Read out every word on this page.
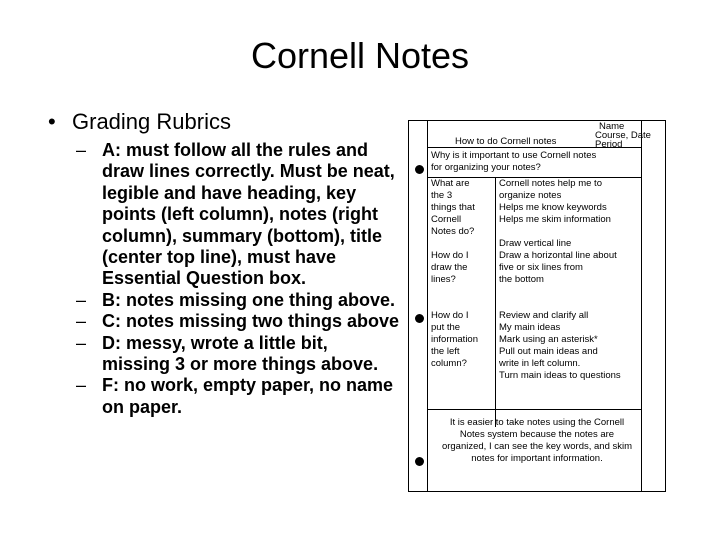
Cornell Notes
• Grading Rubrics
– A: must follow all the rules and draw lines correctly. Must be neat, legible and have heading, key points (left column), notes (right column), summary (bottom), title (center top line), must have Essential Question box.
– B: notes missing one thing above.
– C: notes missing two things above
– D: messy, wrote a little bit, missing 3 or more things above.
– F: no work, empty paper, no name on paper.
Name
Course, Date
Period
How to do Cornell notes
Why is it important to use Cornell notes
for organizing your notes?
What are
the 3
things that
Cornell
Notes do?
Cornell notes help me to
organize notes
Helps me know keywords
Helps me skim information
How do I
draw the
lines?
Draw vertical line
Draw a horizontal line about
five or six lines from
the bottom
How do I
put the
information
the left
column?
Review and clarify all
My main ideas
Mark using an asterisk*
Pull out main ideas and
write in left column.
Turn main ideas to questions
It is easier to take notes using the Cornell Notes system because the notes are organized, I can see the key words, and skim notes for important information.
